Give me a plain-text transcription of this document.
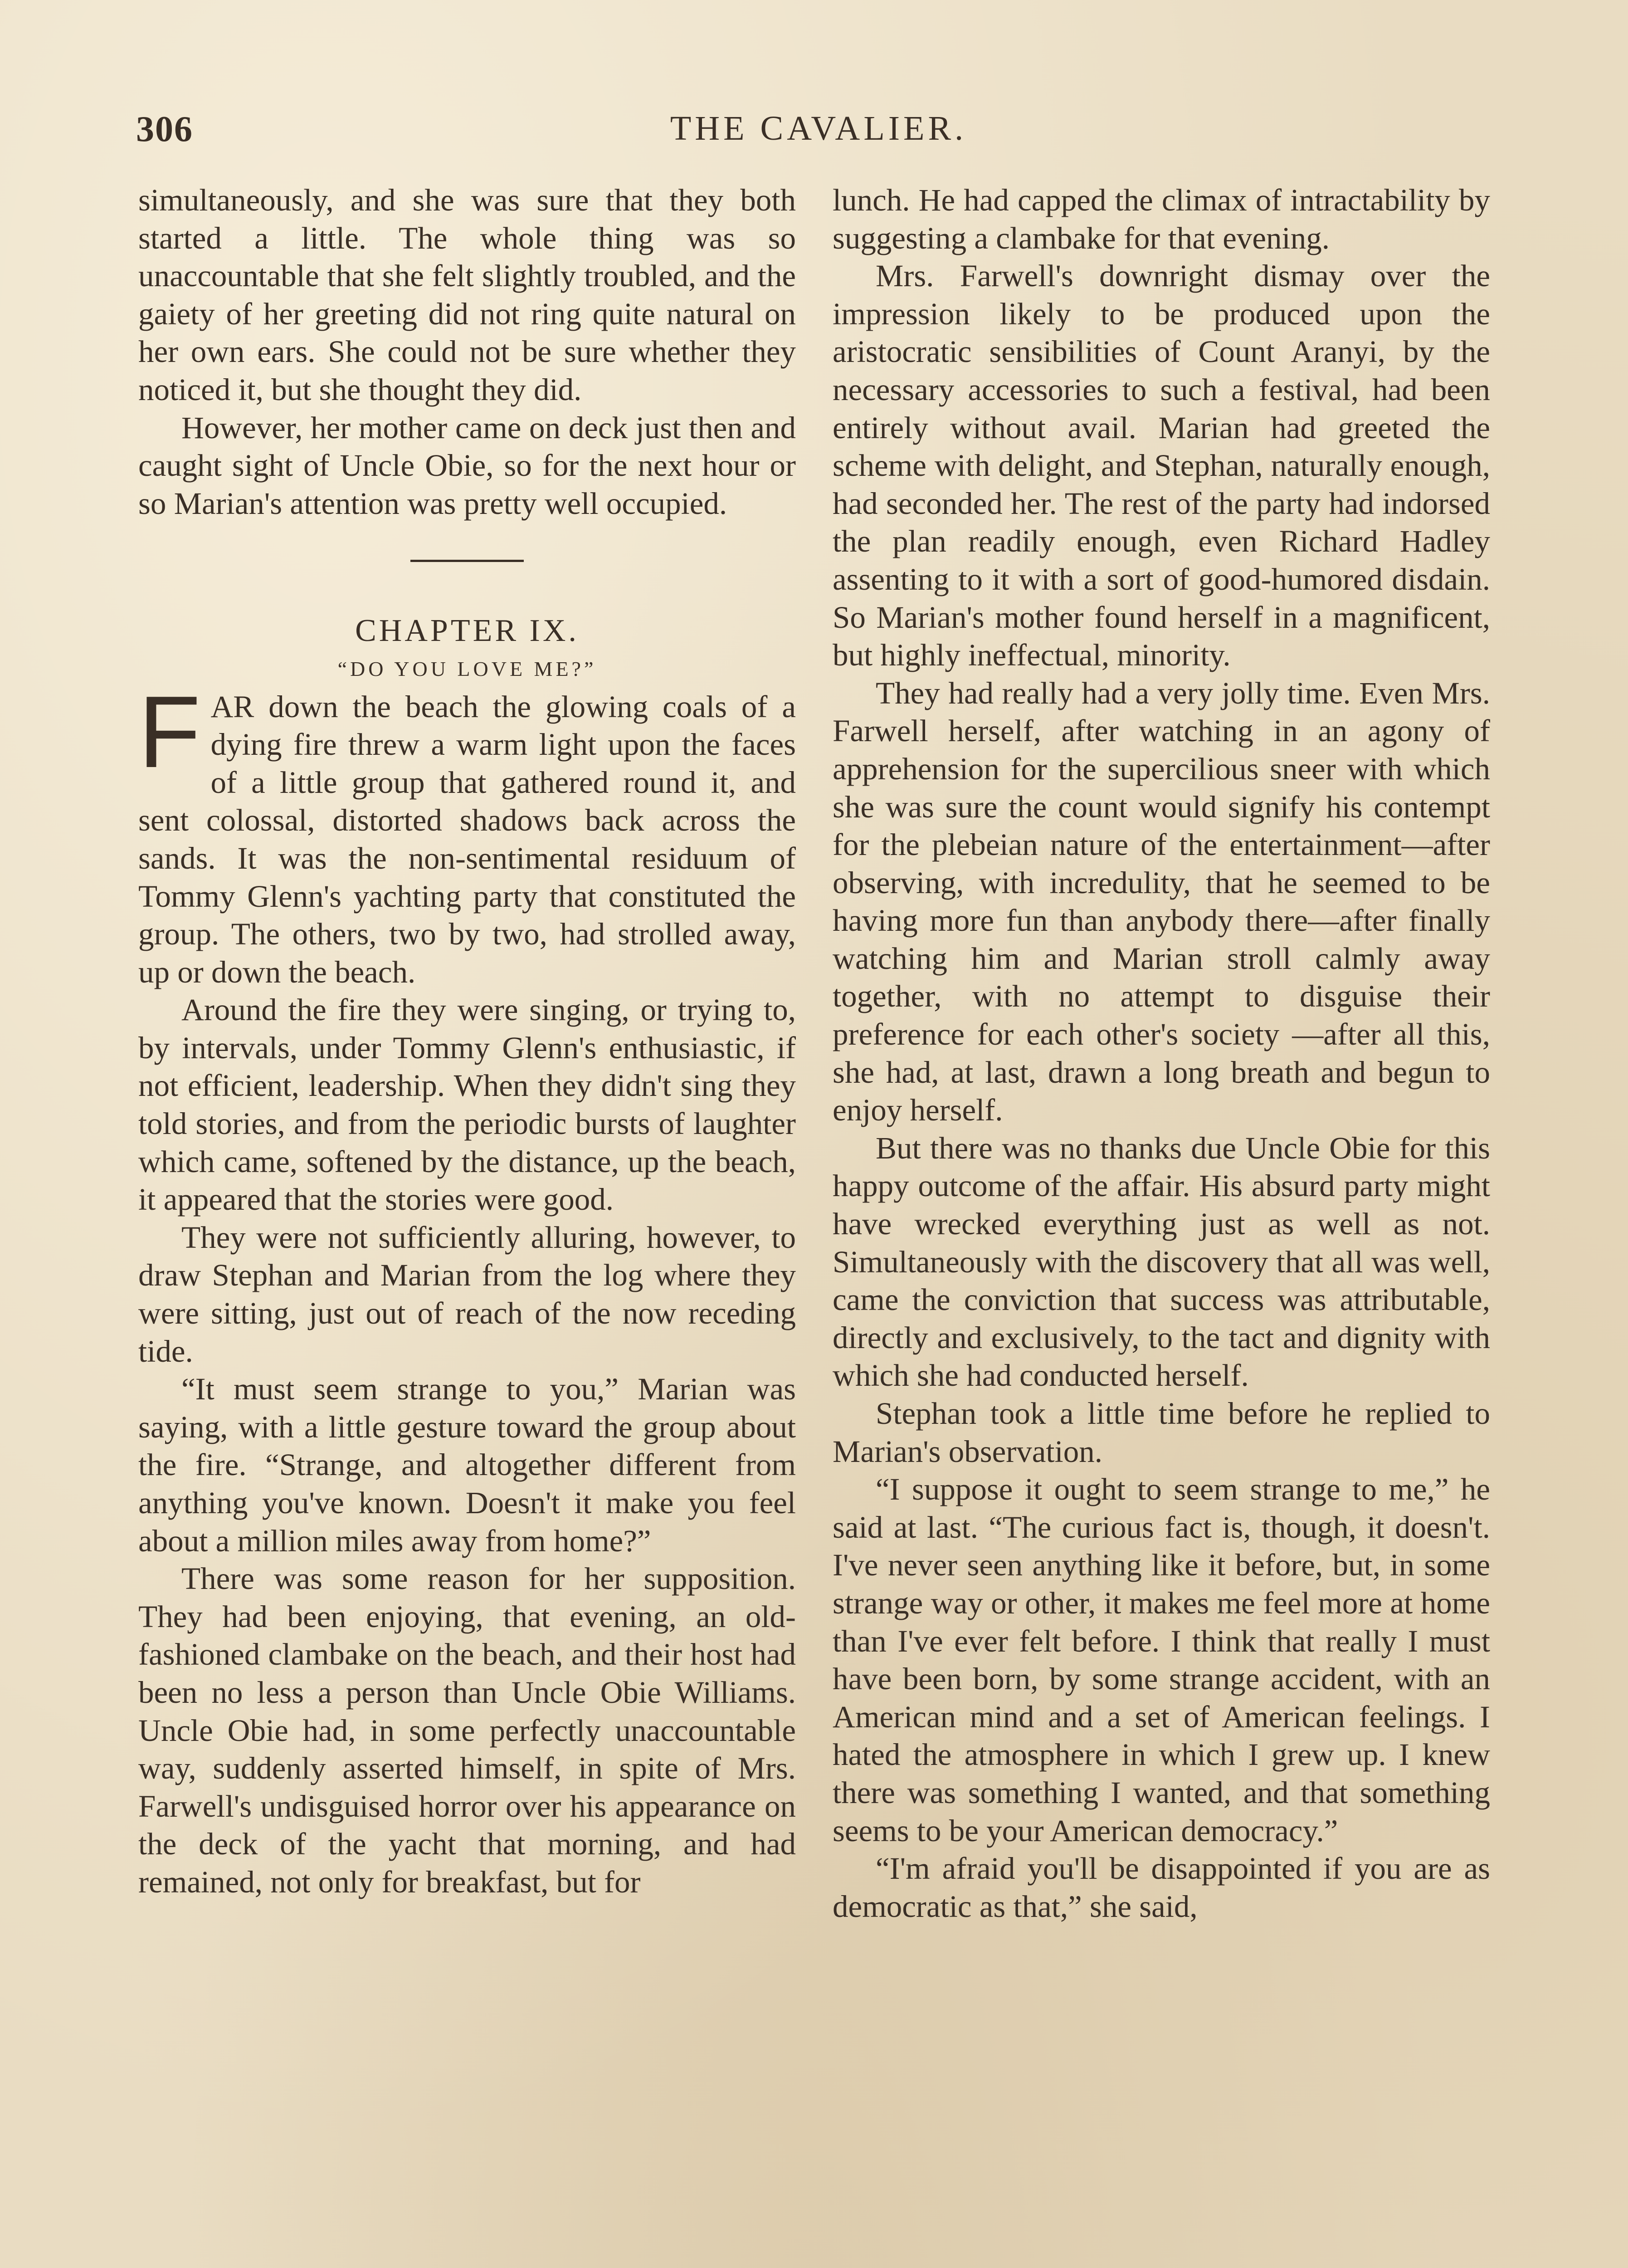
306	THE CAVALIER.

simultaneously, and she was sure that they both started a little. The whole thing was so unaccountable that she felt slightly troubled, and the gaiety of her greeting did not ring quite natural on her own ears. She could not be sure whether they noticed it, but she thought they did.

However, her mother came on deck just then and caught sight of Uncle Obie, so for the next hour or so Marian's attention was pretty well occupied.

CHAPTER IX.

“DO YOU LOVE ME?”

FAR down the beach the glowing coals of a dying fire threw a warm light upon the faces of a little group that gathered round it, and sent colossal, distorted shadows back across the sands. It was the non-sentimental residuum of Tommy Glenn's yachting party that constituted the group. The others, two by two, had strolled away, up or down the beach.

Around the fire they were singing, or trying to, by intervals, under Tommy Glenn's enthusiastic, if not efficient, leadership. When they didn't sing they told stories, and from the periodic bursts of laughter which came, softened by the distance, up the beach, it appeared that the stories were good.

They were not sufficiently alluring, however, to draw Stephan and Marian from the log where they were sitting, just out of reach of the now receding tide.

“It must seem strange to you,” Marian was saying, with a little gesture toward the group about the fire. “Strange, and altogether different from anything you've known. Doesn't it make you feel about a million miles away from home?”

There was some reason for her supposition. They had been enjoying, that evening, an old-fashioned clambake on the beach, and their host had been no less a person than Uncle Obie Williams. Uncle Obie had, in some perfectly unaccountable way, suddenly asserted himself, in spite of Mrs. Farwell's undisguised horror over his appearance on the deck of the yacht that morning, and had remained, not only for breakfast, but for

lunch. He had capped the climax of intractability by suggesting a clambake for that evening.

Mrs. Farwell's downright dismay over the impression likely to be produced upon the aristocratic sensibilities of Count Aranyi, by the necessary accessories to such a festival, had been entirely without avail. Marian had greeted the scheme with delight, and Stephan, naturally enough, had seconded her. The rest of the party had indorsed the plan readily enough, even Richard Hadley assenting to it with a sort of good-humored disdain. So Marian's mother found herself in a magnificent, but highly ineffectual, minority.

They had really had a very jolly time. Even Mrs. Farwell herself, after watching in an agony of apprehension for the supercilious sneer with which she was sure the count would signify his contempt for the plebeian nature of the entertainment—after observing, with incredulity, that he seemed to be having more fun than anybody there—after finally watching him and Marian stroll calmly away together, with no attempt to disguise their preference for each other's society —after all this, she had, at last, drawn a long breath and begun to enjoy herself.

But there was no thanks due Uncle Obie for this happy outcome of the affair. His absurd party might have wrecked everything just as well as not. Simultaneously with the discovery that all was well, came the conviction that success was attributable, directly and exclusively, to the tact and dignity with which she had conducted herself.

Stephan took a little time before he replied to Marian's observation.

“I suppose it ought to seem strange to me,” he said at last. “The curious fact is, though, it doesn't. I've never seen anything like it before, but, in some strange way or other, it makes me feel more at home than I've ever felt before. I think that really I must have been born, by some strange accident, with an American mind and a set of American feelings. I hated the atmosphere in which I grew up. I knew there was something I wanted, and that something seems to be your American democracy.”

“I'm afraid you'll be disappointed if you are as democratic as that,” she said,
